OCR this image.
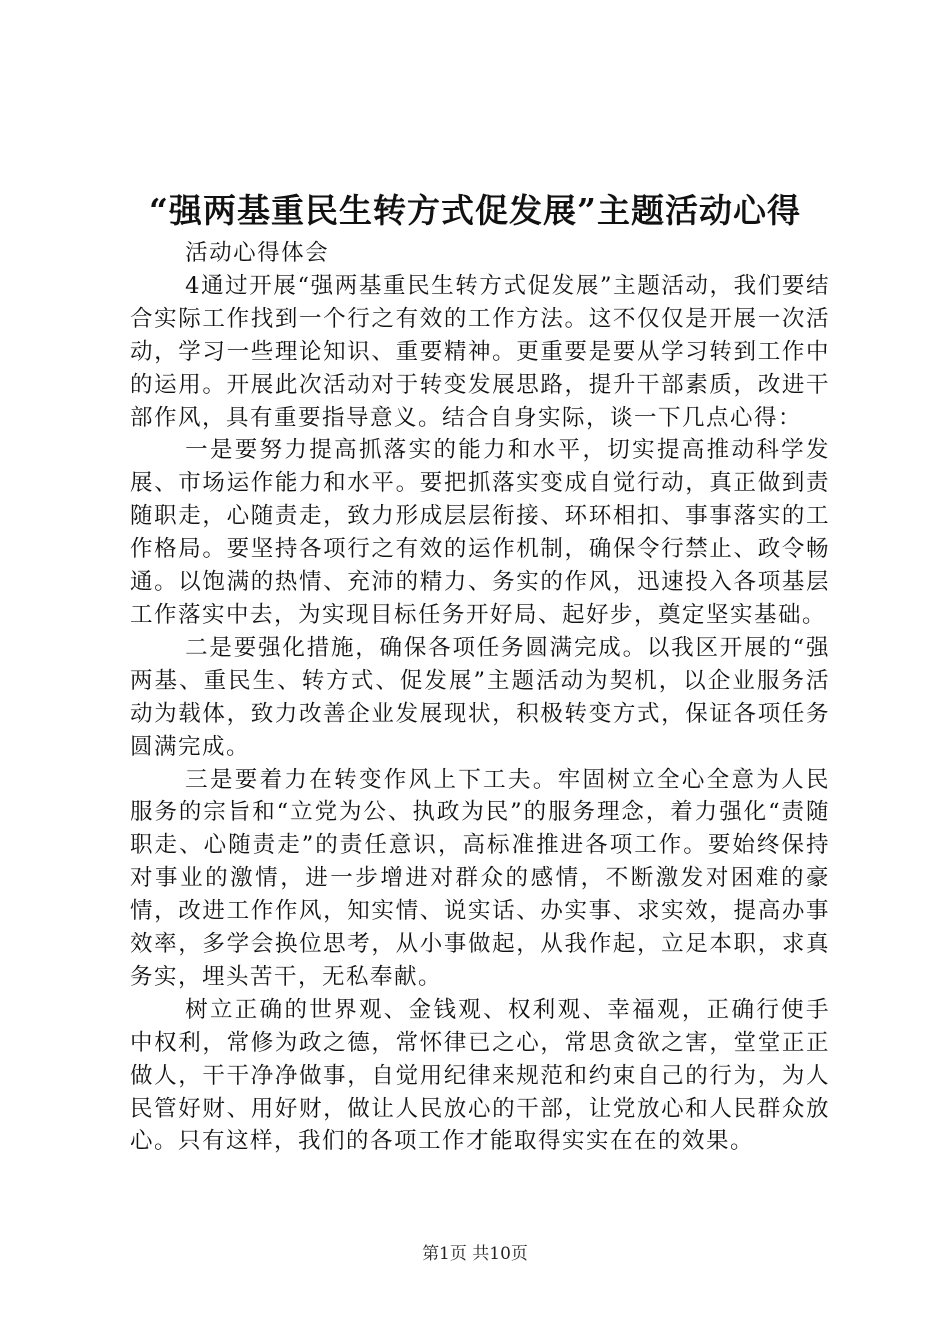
“强两基重民生转方式促发展”主题活动心得

活动心得体会

4通过开展“强两基重民生转方式促发展”主题活动，我们要结合实际工作找到一个行之有效的工作方法。这不仅仅是开展一次活动，学习一些理论知识、重要精神。更重要是要从学习转到工作中的运用。开展此次活动对于转变发展思路，提升干部素质，改进干部作风，具有重要指导意义。结合自身实际，谈一下几点心得：

一是要努力提高抓落实的能力和水平，切实提高推动科学发展、市场运作能力和水平。要把抓落实变成自觉行动，真正做到责随职走，心随责走，致力形成层层衔接、环环相扣、事事落实的工作格局。要坚持各项行之有效的运作机制，确保令行禁止、政令畅通。以饱满的热情、充沛的精力、务实的作风，迅速投入各项基层工作落实中去，为实现目标任务开好局、起好步，奠定坚实基础。

二是要强化措施，确保各项任务圆满完成。以我区开展的“强两基、重民生、转方式、促发展”主题活动为契机，以企业服务活动为载体，致力改善企业发展现状，积极转变方式，保证各项任务圆满完成。

三是要着力在转变作风上下工夫。牢固树立全心全意为人民服务的宗旨和“立党为公、执政为民”的服务理念，着力强化“责随职走、心随责走”的责任意识，高标准推进各项工作。要始终保持对事业的激情，进一步增进对群众的感情，不断激发对困难的豪情，改进工作作风，知实情、说实话、办实事、求实效，提高办事效率，多学会换位思考，从小事做起，从我作起，立足本职，求真务实，埋头苦干，无私奉献。

树立正确的世界观、金钱观、权利观、幸福观，正确行使手中权利，常修为政之德，常怀律已之心，常思贪欲之害，堂堂正正做人，干干净净做事，自觉用纪律来规范和约束自己的行为，为人民管好财、用好财，做让人民放心的干部，让党放心和人民群众放心。只有这样，我们的各项工作才能取得实实在在的效果。

第1页 共10页
